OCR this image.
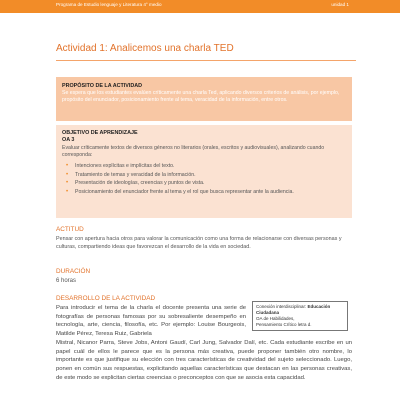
Programa de Estudio lenguaje y Literatura 4° medio	unidad 1
Actividad 1: Analicemos una charla TED

PROPÓSITO DE LA ACTIVIDAD

Se espera que los estudiantes evalúen críticamente una charla Ted, aplicando diversos criterios de análisis, por ejemplo, propósito del enunciador, posicionamiento frente al tema, veracidad de la información, entre otros.

OBJETIVO DE APRENDIZAJE

OA 3

Evaluar críticamente textos de diversos géneros no literarios (orales, escritos y audiovisuales), analizando cuando corresponda:

• Intenciones explícitas e implícitas del texto.
• Tratamiento de temas y veracidad de la información.
• Presentación de ideologías, creencias y puntos de vista.
• Posicionamiento del enunciador frente al tema y el rol que busca representar ante la audiencia.
ACTITUD

Pensar con apertura hacia otros para valorar la comunicación como una forma de relacionarse con diversas personas y culturas, compartiendo ideas que favorezcan el desarrollo de la vida en sociedad.

DURACIÓN
6 horas
DESARROLLO DE LA ACTIVIDAD

Para introducir el tema de la charla el docente presenta una serie de fotografías de personas famosas por su sobresaliente desempeño en tecnología, arte, ciencia, filosofía, etc. Por ejemplo: Louise Bourgeois, Matilde Pérez, Teresa Ruiz, Gabriela

Mistral, Nicanor Parra, Steve Jobs, Antoni Gaudí, Carl Jung, Salvador Dalí, etc. Cada estudiante escribe en un papel cuál de ellos le parece que es la persona más creativa, puede proponer también otro nombre, lo importante es que justifique su elección con tres características de creatividad del sujeto seleccionado. Luego, ponen en común sus respuestas, explicitando aquellas características que destacan en las personas creativas, de este modo se explicitan ciertas creencias o preconceptos con que se asocia esta capacidad.

Conexión interdisciplinar: Educación Ciudadana
OA de Habilidades,
Pensamiento Crítico letra d.
